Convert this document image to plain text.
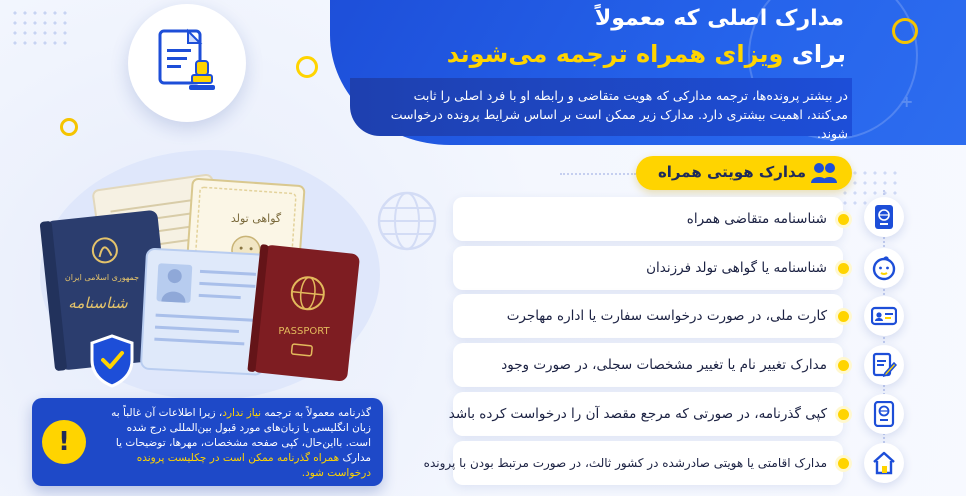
+
مدارک اصلی که معمولاً
برای ویزای همراه ترجمه می‌شوند
در بیشتر پرونده‌ها، ترجمه مدارکی که هویت متقاضی و رابطه او با فرد اصلی را ثابت می‌کنند، اهمیت بیشتری دارد. مدارک زیر ممکن است بر اساس شرایط پرونده درخواست شوند.
مدارک هویتی همراه
شناسنامه متقاضی همراه
شناسنامه یا گواهی تولد فرزندان
کارت ملی، در صورت درخواست سفارت یا اداره مهاجرت
مدارک تغییر نام یا تغییر مشخصات سجلی، در صورت وجود
کپی گذرنامه، در صورتی که مرجع مقصد آن را درخواست کرده باشد
مدارک اقامتی یا هویتی صادرشده در کشور ثالث، در صورت مرتبط بودن با پرونده
گواهی تولد
جمهوری اسلامی ایران
شناسنامه
PASSPORT
گذرنامه معمولاً به ترجمه نیاز ندارد، زیرا اطلاعات آن غالباً به زبان انگلیسی یا زبان‌های مورد قبول بین‌المللی درج شده است. بااین‌حال، کپی صفحه مشخصات، مهرها، توضیحات یا مدارک همراه گذرنامه ممکن است در چکلیست پرونده درخواست شود.
!
